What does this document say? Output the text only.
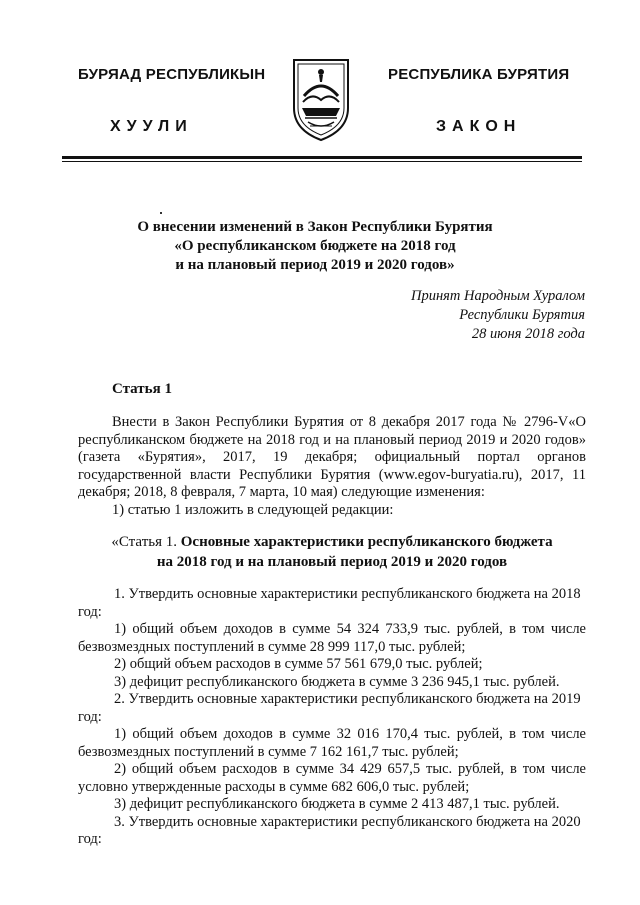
БУРЯАД РЕСПУБЛИКЫН
ХУУЛИ
РЕСПУБЛИКА БУРЯТИЯ
ЗАКОН
О внесении изменений в Закон Республики Бурятия
«О республиканском бюджете на 2018 год
и на плановый период 2019 и 2020 годов»
Принят Народным Хуралом
Республики Бурятия
28 июня 2018 года
Статья 1

Внести в Закон Республики Бурятия от 8 декабря 2017 года № 2796-V«О республиканском бюджете на 2018 год и на плановый период 2019 и 2020 годов» (газета «Бурятия», 2017, 19 декабря; официальный портал органов государственной власти Республики Бурятия (www.egov-buryatia.ru), 2017, 11 декабря; 2018, 8 февраля, 7 марта, 10 мая) следующие изменения:

1) статью 1 изложить в следующей редакции:

«Статья 1. Основные характеристики республиканского бюджета
на 2018 год и на плановый период 2019 и 2020 годов

1. Утвердить основные характеристики республиканского бюджета на 2018

год:

1) общий объем доходов в сумме 54 324 733,9 тыс. рублей, в том числе безвозмездных поступлений в сумме 28 999 117,0 тыс. рублей;

2) общий объем расходов в сумме 57 561 679,0 тыс. рублей;

3) дефицит республиканского бюджета в сумме 3 236 945,1 тыс. рублей.

2. Утвердить основные характеристики республиканского бюджета на 2019

год:

1) общий объем доходов в сумме 32 016 170,4 тыс. рублей, в том числе безвозмездных поступлений в сумме 7 162 161,7 тыс. рублей;

2) общий объем расходов в сумме 34 429 657,5 тыс. рублей, в том числе условно утвержденные расходы в сумме 682 606,0 тыс. рублей;

3) дефицит республиканского бюджета в сумме 2 413 487,1 тыс. рублей.

3. Утвердить основные характеристики республиканского бюджета на 2020

год:
